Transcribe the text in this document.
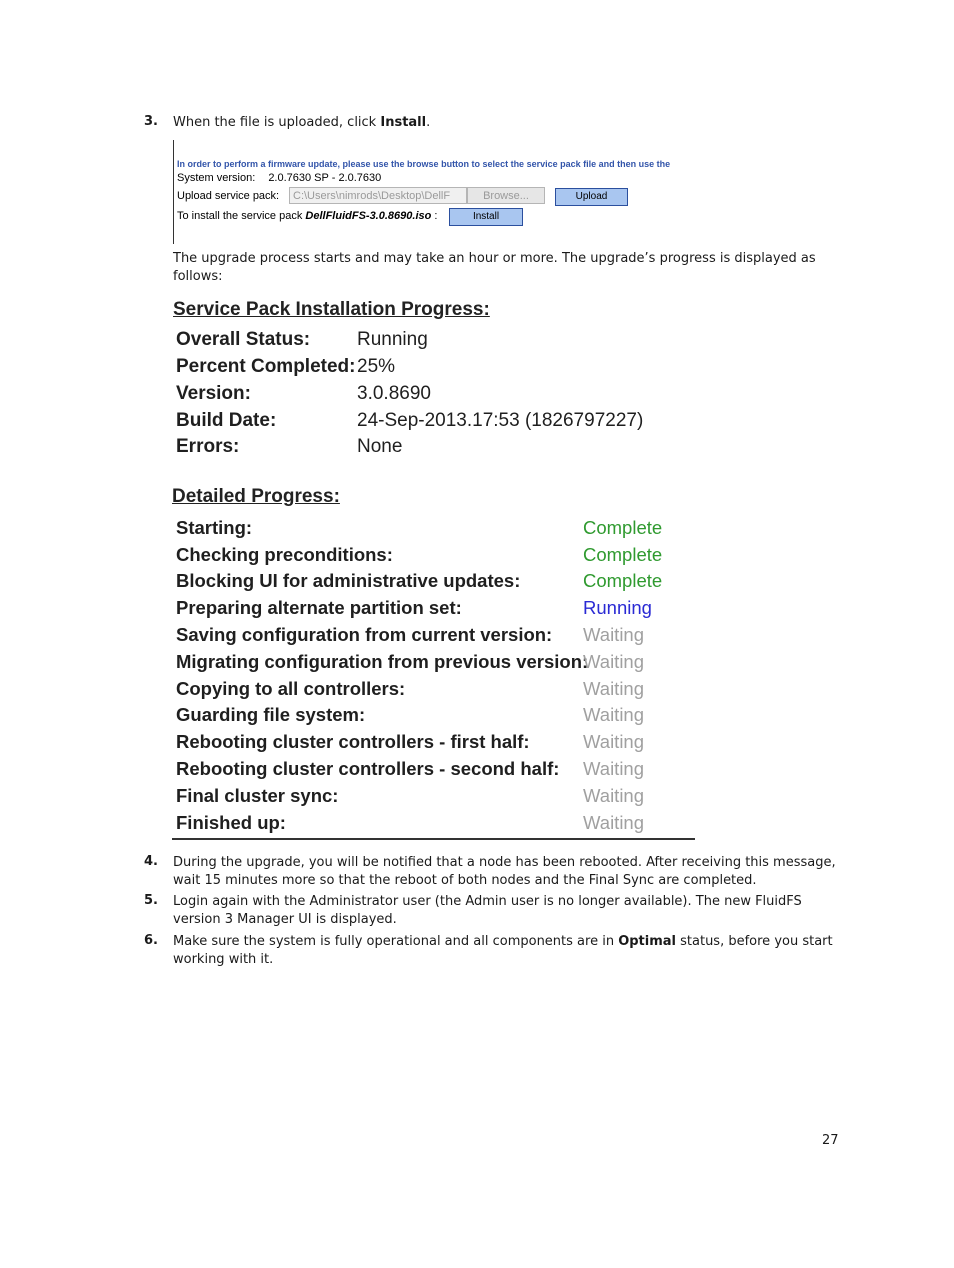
3. When the file is uploaded, click Install.
In order to perform a firmware update, please use the browse button to select the service pack file and then use the
System version: 2.0.7630 SP - 2.0.7630
Upload service pack:	C:\Users\nimrods\Desktop\DellF	Browse...	Upload
To install the service pack DellFluidFS-3.0.8690.iso :	Install
The upgrade process starts and may take an hour or more. The upgrade’s progress is displayed as follows:
Service Pack Installation Progress:
Overall Status: Running
Percent Completed: 25%
Version:	3.0.8690
Build Date:	24-Sep-2013.17:53 (1826797227)
Errors:	None
Detailed Progress:
Starting:	Complete
Checking preconditions:	Complete
Blocking UI for administrative updates:	Complete
Preparing alternate partition set:	Running
Saving configuration from current version: Waiting
Migrating configuration from previous version:
Waiting
Copying to all controllers:	Waiting
Guarding file system:	Waiting
Rebooting cluster controllers - first half:	Waiting
Rebooting cluster controllers - second half: Waiting
Final cluster sync:	Waiting
Finished up:	Waiting
4. During the upgrade, you will be notified that a node has been rebooted. After receiving this message, wait 15 minutes more so that the reboot of both nodes and the Final Sync are completed.
5. Login again with the Administrator user (the Admin user is no longer available). The new FluidFS version 3 Manager UI is displayed.
6. Make sure the system is fully operational and all components are in Optimal status, before you start working with it.
27
